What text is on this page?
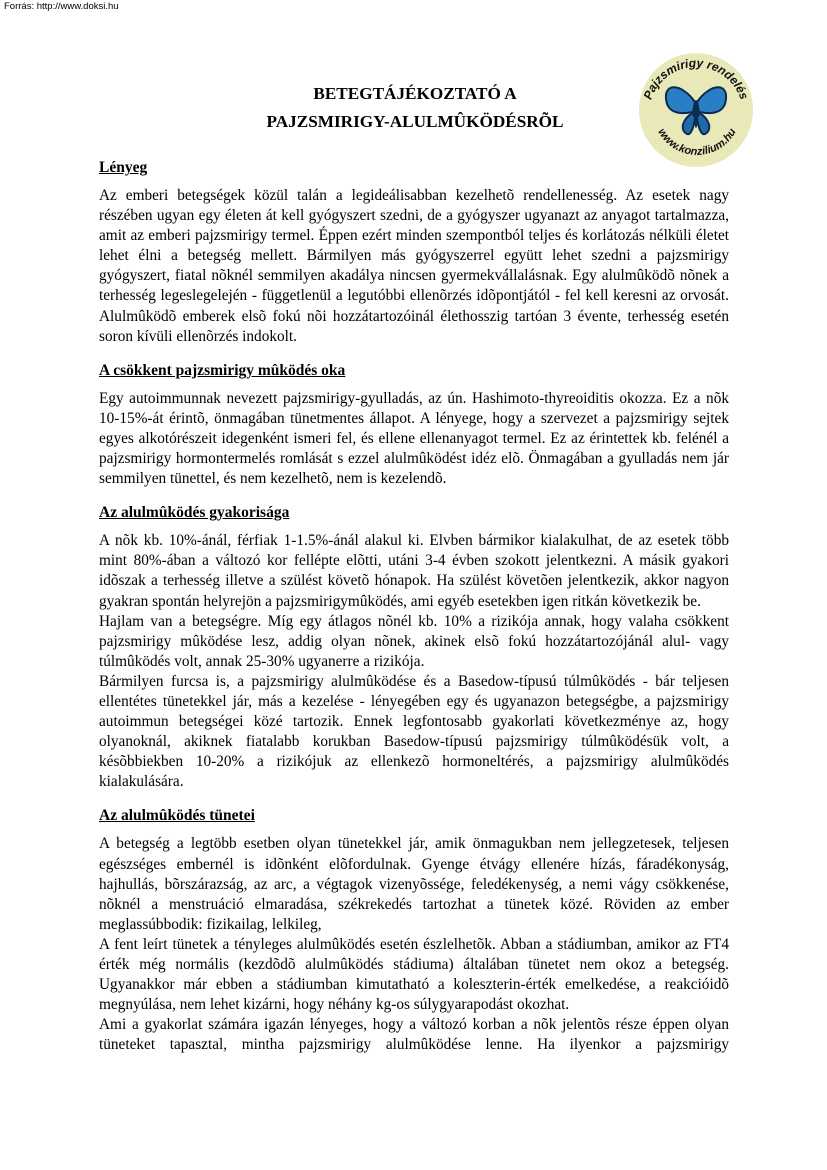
Forrás: http://www.doksi.hu
BETEGTÁJÉKOZTATÓ A
PAJZSMIRIGY-ALULMÛKÖDÉSRÕL
Pajzsmirigy rendelés
www.konzilium.hu
Lényeg

Az emberi betegségek közül talán a legideálisabban kezelhetõ rendellenesség. Az esetek nagy részében ugyan egy életen át kell gyógyszert szedni, de a gyógyszer ugyanazt az anyagot tartalmazza, amit az emberi pajzsmirigy termel. Éppen ezért minden szempontból teljes és korlátozás nélküli életet lehet élni a betegség mellett. Bármilyen más gyógyszerrel együtt lehet szedni a pajzsmirigy gyógyszert, fiatal nõknél semmilyen akadálya nincsen gyermekvállalásnak. Egy alulmûködõ nõnek a terhesség legeslegelején - függetlenül a legutóbbi ellenõrzés idõpontjától - fel kell keresni az orvosát. Alulmûködõ emberek elsõ fokú nõi hozzátartozóinál élethosszig tartóan 3 évente, terhesség esetén soron kívüli ellenõrzés indokolt.

A csökkent pajzsmirigy mûködés oka

Egy autoimmunnak nevezett pajzsmirigy-gyulladás, az ún. Hashimoto-thyreoiditis okozza. Ez a nõk 10-15%-át érintõ, önmagában tünetmentes állapot. A lényege, hogy a szervezet a pajzsmirigy sejtek egyes alkotórészeit idegenként ismeri fel, és ellene ellenanyagot termel. Ez az érintettek kb. felénél a pajzsmirigy hormontermelés romlását s ezzel alulmûködést idéz elõ. Önmagában a gyulladás nem jár semmilyen tünettel, és nem kezelhetõ, nem is kezelendõ.

Az alulmûködés gyakorisága

A nõk kb. 10%-ánál, férfiak 1-1.5%-ánál alakul ki. Elvben bármikor kialakulhat, de az esetek több mint 80%-ában a változó kor fellépte elõtti, utáni 3-4 évben szokott jelentkezni. A másik gyakori idõszak a terhesség illetve a szülést követõ hónapok. Ha szülést követõen jelentkezik, akkor nagyon gyakran spontán helyrejön a pajzsmirigymûködés, ami egyéb esetekben igen ritkán következik be.

Hajlam van a betegségre. Míg egy átlagos nõnél kb. 10% a rizikója annak, hogy valaha csökkent pajzsmirigy mûködése lesz, addig olyan nõnek, akinek elsõ fokú hozzátartozójánál alul- vagy túlmûködés volt, annak 25-30% ugyanerre a rizikója.

Bármilyen furcsa is, a pajzsmirigy alulmûködése és a Basedow-típusú túlmûködés - bár teljesen ellentétes tünetekkel jár, más a kezelése - lényegében egy és ugyanazon betegségbe, a pajzsmirigy autoimmun betegségei közé tartozik. Ennek legfontosabb gyakorlati következménye az, hogy olyanoknál, akiknek fiatalabb korukban Basedow-típusú pajzsmirigy túlmûködésük volt, a késõbbiekben 10-20% a rizikójuk az ellenkezõ hormoneltérés, a pajzsmirigy alulmûködés kialakulására.

Az alulmûködés tünetei

A betegség a legtöbb esetben olyan tünetekkel jár, amik önmagukban nem jellegzetesek, teljesen egészséges embernél is idõnként elõfordulnak. Gyenge étvágy ellenére hízás, fáradékonyság, hajhullás, bõrszárazság, az arc, a végtagok vizenyõssége, feledékenység, a nemi vágy csökkenése, nõknél a menstruáció elmaradása, székrekedés tartozhat a tünetek közé. Röviden az ember meglassúbbodik: fizikailag, lelkileg,

A fent leírt tünetek a tényleges alulmûködés esetén észlelhetõk. Abban a stádiumban, amikor az FT4 érték még normális (kezdõdõ alulmûködés stádiuma) általában tünetet nem okoz a betegség. Ugyanakkor már ebben a stádiumban kimutatható a koleszterin-érték emelkedése, a reakcióidõ megnyúlása, nem lehet kizárni, hogy néhány kg-os súlygyarapodást okozhat.

Ami a gyakorlat számára igazán lényeges, hogy a változó korban a nõk jelentõs része éppen olyan tüneteket tapasztal, mintha pajzsmirigy alulmûködése lenne. Ha ilyenkor a pajzsmirigy
